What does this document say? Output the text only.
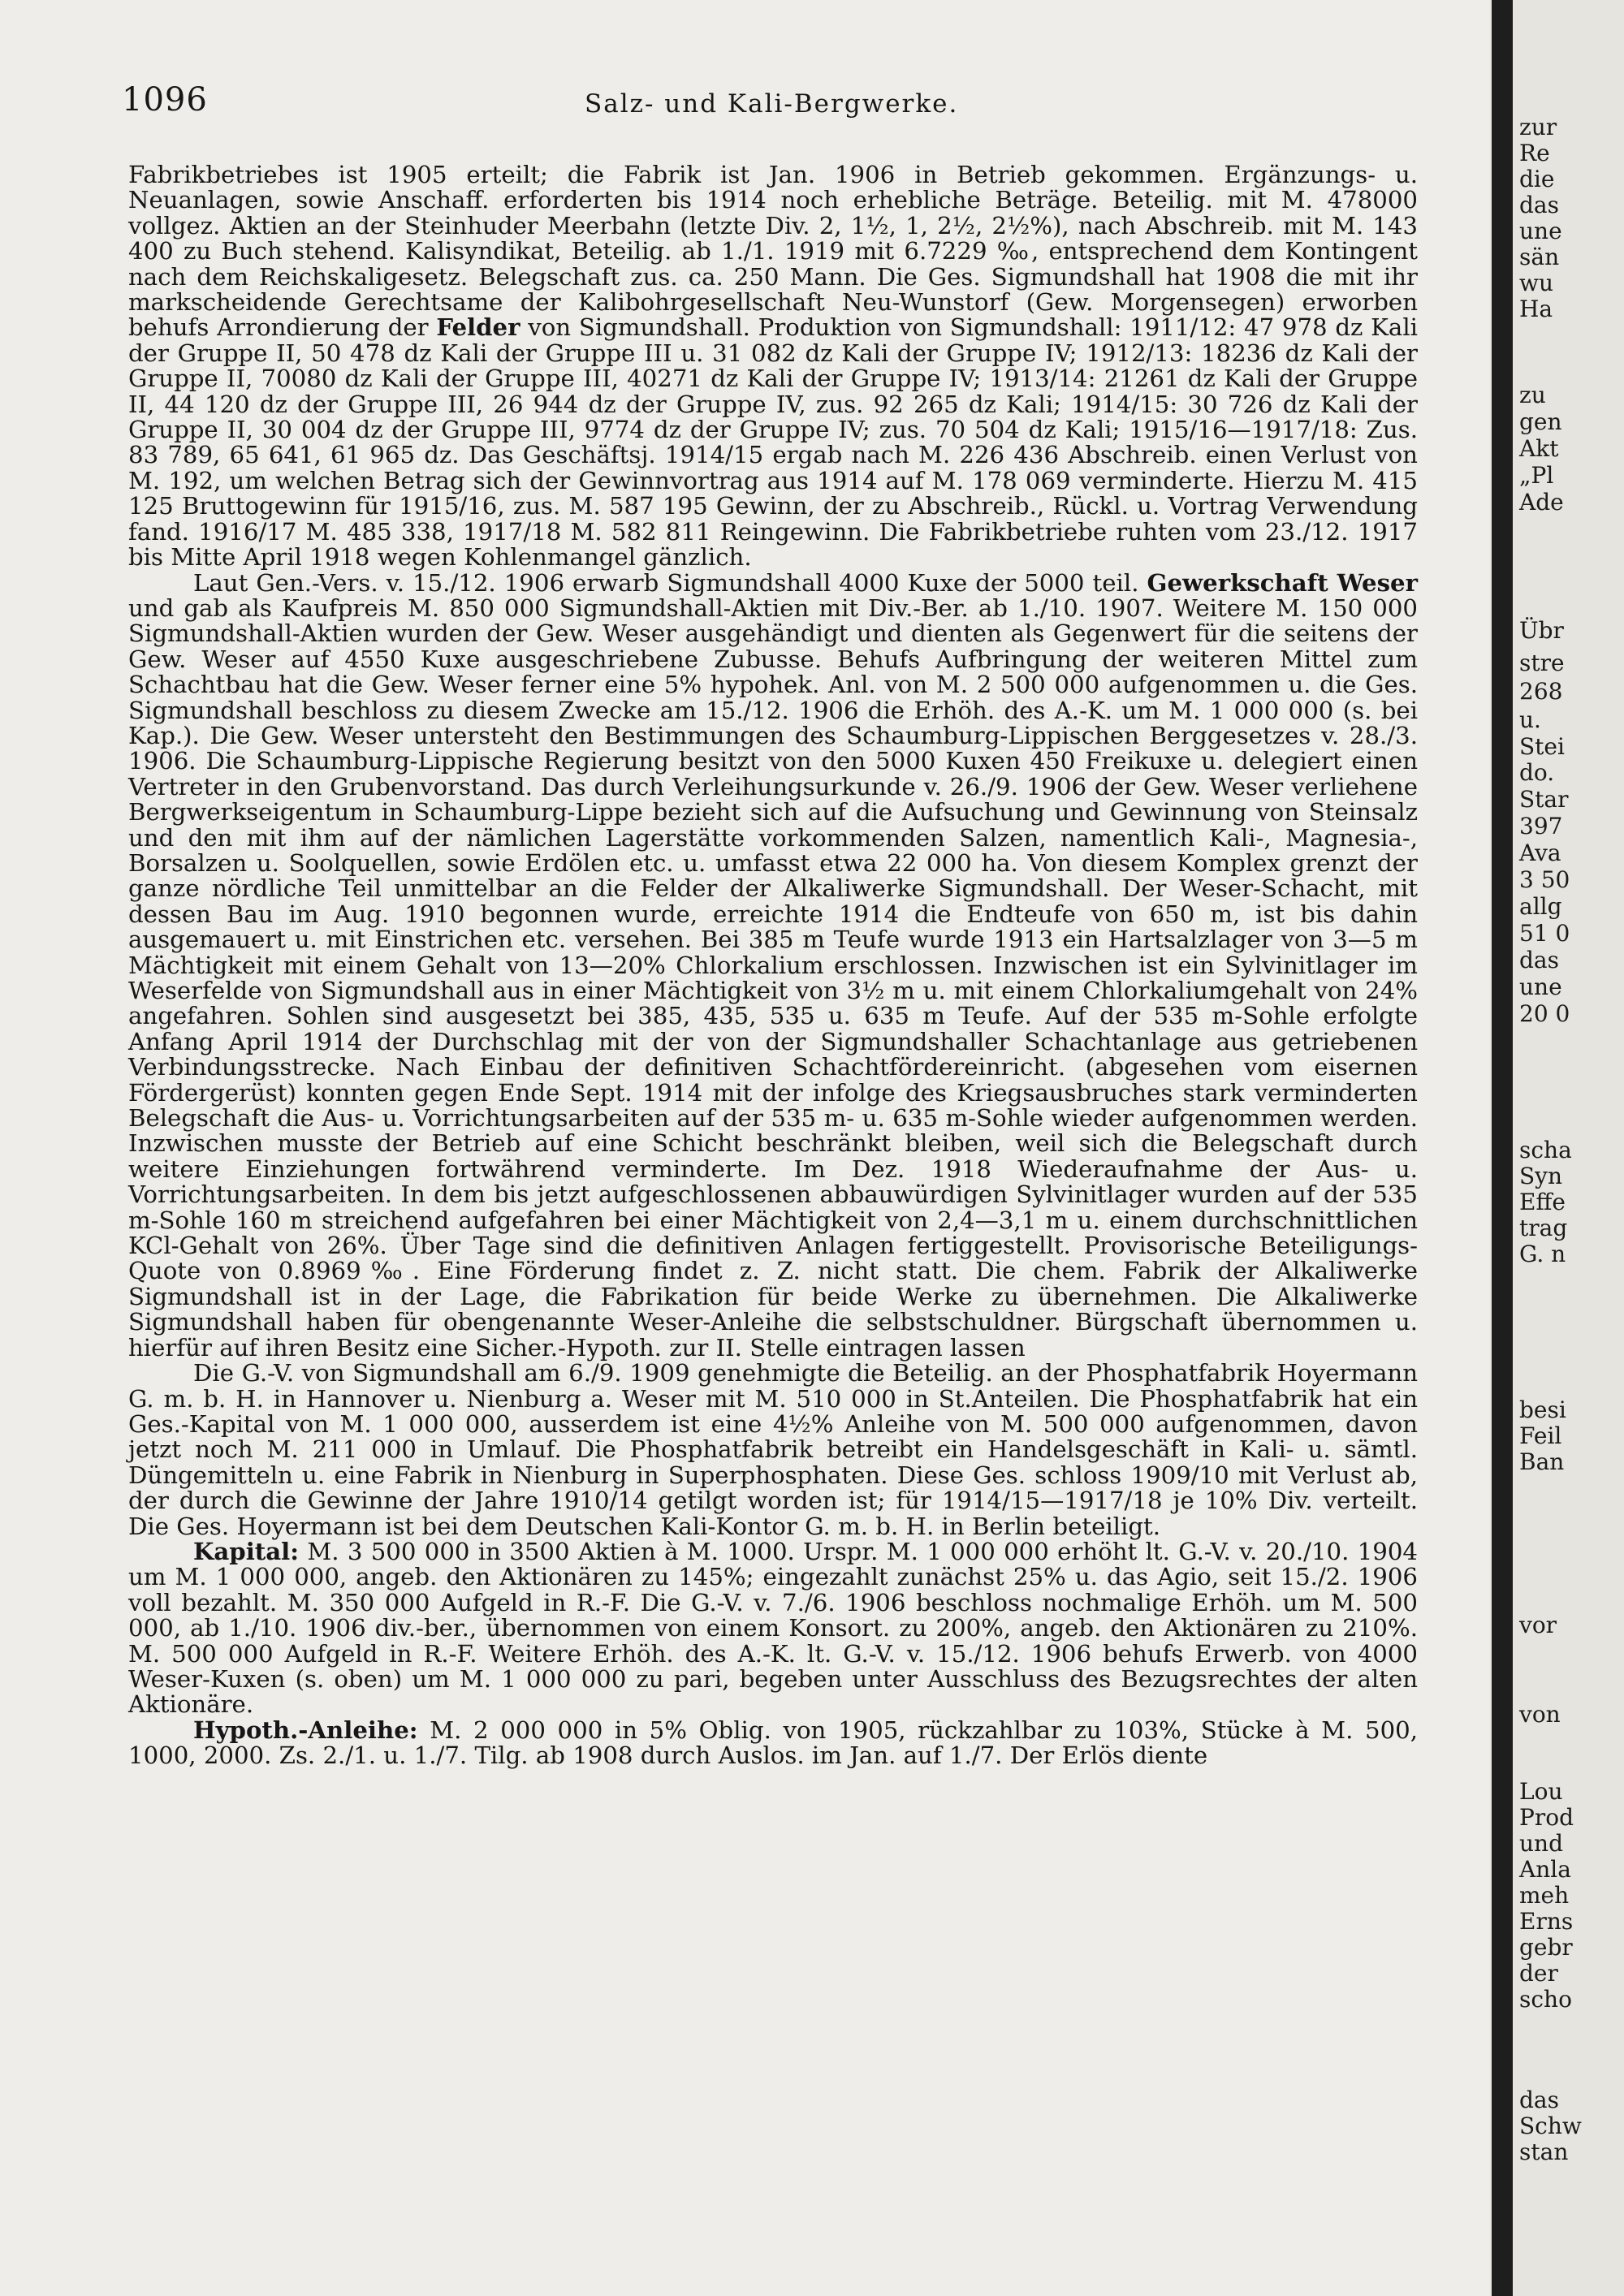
1096	Salz- und Kali-Bergwerke.

Fabrikbetriebes ist 1905 erteilt; die Fabrik ist Jan. 1906 in Betrieb gekommen. Ergänzungs- u. Neuanlagen, sowie Anschaff. erforderten bis 1914 noch erhebliche Beträge. Beteilig. mit M. 478000 vollgez. Aktien an der Steinhuder Meerbahn (letzte Div. 2, 1½, 1, 2½, 2½%), nach Abschreib. mit M. 143 400 zu Buch stehend. Kalisyndikat, Beteilig. ab 1./1. 1919 mit 6.7229 ‰, entsprechend dem Kontingent nach dem Reichskaligesetz. Belegschaft zus. ca. 250 Mann. Die Ges. Sigmundshall hat 1908 die mit ihr markscheidende Gerechtsame der Kalibohrgesellschaft Neu-Wunstorf (Gew. Morgensegen) erworben behufs Arrondierung der Felder von Sigmundshall. Produktion von Sigmundshall: 1911/12: 47 978 dz Kali der Gruppe II, 50 478 dz Kali der Gruppe III u. 31 082 dz Kali der Gruppe IV; 1912/13: 18236 dz Kali der Gruppe II, 70080 dz Kali der Gruppe III, 40271 dz Kali der Gruppe IV; 1913/14: 21261 dz Kali der Gruppe II, 44 120 dz der Gruppe III, 26 944 dz der Gruppe IV, zus. 92 265 dz Kali; 1914/15: 30 726 dz Kali der Gruppe II, 30 004 dz der Gruppe III, 9774 dz der Gruppe IV; zus. 70 504 dz Kali; 1915/16—1917/18: Zus. 83 789, 65 641, 61 965 dz. Das Geschäftsj. 1914/15 ergab nach M. 226 436 Abschreib. einen Verlust von M. 192, um welchen Betrag sich der Gewinnvortrag aus 1914 auf M. 178 069 verminderte. Hierzu M. 415 125 Bruttogewinn für 1915/16, zus. M. 587 195 Gewinn, der zu Abschreib., Rückl. u. Vortrag Verwendung fand. 1916/17 M. 485 338, 1917/18 M. 582 811 Reingewinn. Die Fabrikbetriebe ruhten vom 23./12. 1917 bis Mitte April 1918 wegen Kohlenmangel gänzlich.

Laut Gen.-Vers. v. 15./12. 1906 erwarb Sigmundshall 4000 Kuxe der 5000 teil. Gewerkschaft Weser und gab als Kaufpreis M. 850 000 Sigmundshall-Aktien mit Div.-Ber. ab 1./10. 1907. Weitere M. 150 000 Sigmundshall-Aktien wurden der Gew. Weser ausgehändigt und dienten als Gegenwert für die seitens der Gew. Weser auf 4550 Kuxe ausgeschriebene Zubusse. Behufs Aufbringung der weiteren Mittel zum Schachtbau hat die Gew. Weser ferner eine 5% hypohek. Anl. von M. 2 500 000 aufgenommen u. die Ges. Sigmundshall beschloss zu diesem Zwecke am 15./12. 1906 die Erhöh. des A.-K. um M. 1 000 000 (s. bei Kap.). Die Gew. Weser untersteht den Bestimmungen des Schaumburg-Lippischen Berggesetzes v. 28./3. 1906. Die Schaumburg-Lippische Regierung besitzt von den 5000 Kuxen 450 Freikuxe u. delegiert einen Vertreter in den Grubenvorstand. Das durch Verleihungsurkunde v. 26./9. 1906 der Gew. Weser verliehene Bergwerkseigentum in Schaumburg-Lippe bezieht sich auf die Aufsuchung und Gewinnung von Steinsalz und den mit ihm auf der nämlichen Lagerstätte vorkommenden Salzen, namentlich Kali-, Magnesia-, Borsalzen u. Soolquellen, sowie Erdölen etc. u. umfasst etwa 22 000 ha. Von diesem Komplex grenzt der ganze nördliche Teil unmittelbar an die Felder der Alkaliwerke Sigmundshall. Der Weser-Schacht, mit dessen Bau im Aug. 1910 begonnen wurde, erreichte 1914 die Endteufe von 650 m, ist bis dahin ausgemauert u. mit Einstrichen etc. versehen. Bei 385 m Teufe wurde 1913 ein Hartsalzlager von 3—5 m Mächtigkeit mit einem Gehalt von 13—20% Chlorkalium erschlossen. Inzwischen ist ein Sylvinitlager im Weserfelde von Sigmundshall aus in einer Mächtigkeit von 3½ m u. mit einem Chlorkaliumgehalt von 24% angefahren. Sohlen sind ausgesetzt bei 385, 435, 535 u. 635 m Teufe. Auf der 535 m-Sohle erfolgte Anfang April 1914 der Durchschlag mit der von der Sigmundshaller Schachtanlage aus getriebenen Verbindungsstrecke. Nach Einbau der definitiven Schachtfördereinricht. (abgesehen vom eisernen Fördergerüst) konnten gegen Ende Sept. 1914 mit der infolge des Kriegsausbruches stark verminderten Belegschaft die Aus- u. Vorrichtungsarbeiten auf der 535 m- u. 635 m-Sohle wieder aufgenommen werden. Inzwischen musste der Betrieb auf eine Schicht beschränkt bleiben, weil sich die Belegschaft durch weitere Einziehungen fortwährend verminderte. Im Dez. 1918 Wiederaufnahme der Aus- u. Vorrichtungsarbeiten. In dem bis jetzt aufgeschlossenen abbauwürdigen Sylvinitlager wurden auf der 535 m-Sohle 160 m streichend aufgefahren bei einer Mächtigkeit von 2,4—3,1 m u. einem durchschnittlichen KCl-Gehalt von 26%. Über Tage sind die definitiven Anlagen fertiggestellt. Provisorische Beteiligungs-Quote von 0.8969‰. Eine Förderung findet z. Z. nicht statt. Die chem. Fabrik der Alkaliwerke Sigmundshall ist in der Lage, die Fabrikation für beide Werke zu übernehmen. Die Alkaliwerke Sigmundshall haben für obengenannte Weser-Anleihe die selbstschuldner. Bürgschaft übernommen u. hierfür auf ihren Besitz eine Sicher.-Hypoth. zur II. Stelle eintragen lassen

Die G.-V. von Sigmundshall am 6./9. 1909 genehmigte die Beteilig. an der Phosphatfabrik Hoyermann G. m. b. H. in Hannover u. Nienburg a. Weser mit M. 510 000 in St.Anteilen. Die Phosphatfabrik hat ein Ges.-Kapital von M. 1 000 000, ausserdem ist eine 4½% Anleihe von M. 500 000 aufgenommen, davon jetzt noch M. 211 000 in Umlauf. Die Phosphatfabrik betreibt ein Handelsgeschäft in Kali- u. sämtl. Düngemitteln u. eine Fabrik in Nienburg in Superphosphaten. Diese Ges. schloss 1909/10 mit Verlust ab, der durch die Gewinne der Jahre 1910/14 getilgt worden ist; für 1914/15—1917/18 je 10% Div. verteilt. Die Ges. Hoyermann ist bei dem Deutschen Kali-Kontor G. m. b. H. in Berlin beteiligt.

Kapital: M. 3 500 000 in 3500 Aktien à M. 1000. Urspr. M. 1 000 000 erhöht lt. G.-V. v. 20./10. 1904 um M. 1 000 000, angeb. den Aktionären zu 145%; eingezahlt zunächst 25% u. das Agio, seit 15./2. 1906 voll bezahlt. M. 350 000 Aufgeld in R.-F. Die G.-V. v. 7./6. 1906 beschloss nochmalige Erhöh. um M. 500 000, ab 1./10. 1906 div.-ber., übernommen von einem Konsort. zu 200%, angeb. den Aktionären zu 210%. M. 500 000 Aufgeld in R.-F. Weitere Erhöh. des A.-K. lt. G.-V. v. 15./12. 1906 behufs Erwerb. von 4000 Weser-Kuxen (s. oben) um M. 1 000 000 zu pari, begeben unter Ausschluss des Bezugsrechtes der alten Aktionäre.

Hypoth.-Anleihe: M. 2 000 000 in 5% Oblig. von 1905, rückzahlbar zu 103%, Stücke à M. 500, 1000, 2000. Zs. 2./1. u. 1./7. Tilg. ab 1908 durch Auslos. im Jan. auf 1./7. Der Erlös diente

zur
Re
die
das
une
sän
wu
Ha
zu
gen
Akt
„Pl
Ade
Übr
stre
268
u.
Stei
do.
Star
397
Ava
3 50
allg
51 0
das
une
20 0
scha
Syn
Effe
trag
G. n
besi
Feil
Ban
vor
von
Lou
Prod
und
Anla
meh
Erns
gebr
der
scho
das
Schw
stan
